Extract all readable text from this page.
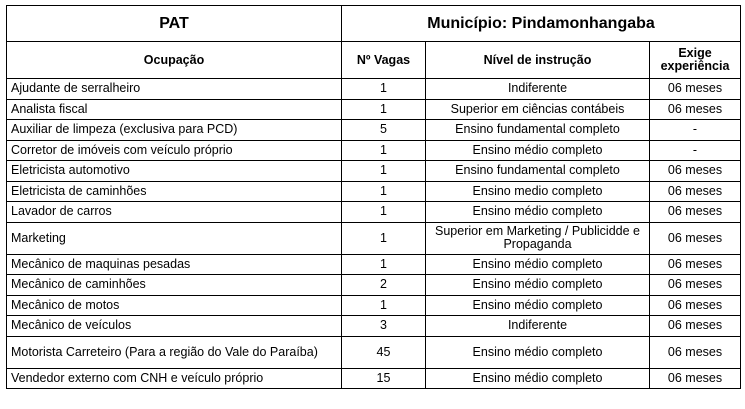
PAT	Município: Pindamonhangaba		
Ocupação	Nº Vagas	Nível de instrução	Exige experiência
Ajudante de serralheiro	1	Indiferente	06 meses
Analista fiscal	1	Superior em ciências contábeis	06 meses
Auxiliar de limpeza (exclusiva para PCD)	5	Ensino fundamental completo	-
Corretor de imóveis com veículo próprio	1	Ensino médio completo	-
Eletricista automotivo	1	Ensino fundamental completo	06 meses
Eletricista de caminhões	1	Ensino medio completo	06 meses
Lavador de carros	1	Ensino médio completo	06 meses
Marketing	1	Superior em Marketing / Publicidde e Propaganda	06 meses
Mecânico de maquinas pesadas	1	Ensino médio completo	06 meses
Mecânico de caminhões	2	Ensino médio completo	06 meses
Mecânico de motos	1	Ensino médio completo	06 meses
Mecânico de veículos	3	Indiferente	06 meses
Motorista Carreteiro (Para a região do Vale do Paraíba)	45	Ensino médio completo	06 meses
Vendedor externo com CNH e veículo próprio	15	Ensino médio completo	06 meses
